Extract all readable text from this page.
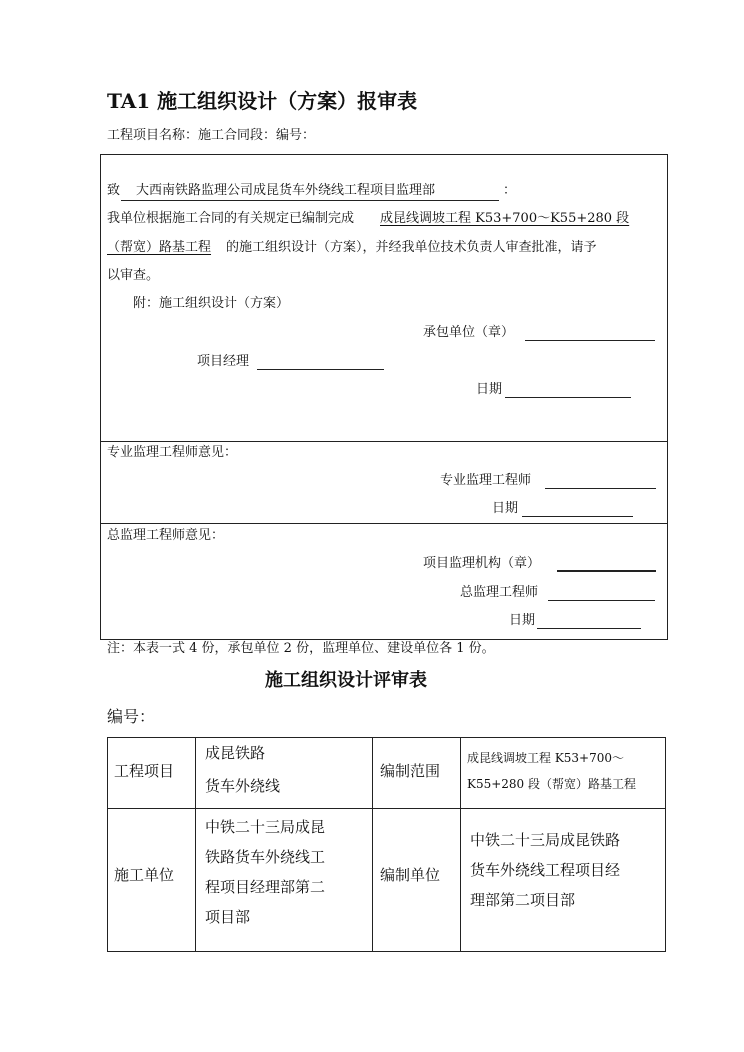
TA1 施工组织设计（方案）报审表
工程项目名称：施工合同段：编号：
致 大西南铁路监理公司成昆货车外绕线工程项目监理部	：
我单位根据施工合同的有关规定已编制完成 成昆线调坡工程 K53+700～K55+280 段
（帮宽）路基工程 的施工组织设计（方案），并经我单位技术负责人审查批准，请予
以审查。
附：施工组织设计（方案）
承包单位（章）
项目经理
日期
专业监理工程师意见：
专业监理工程师
日期
总监理工程师意见：
项目监理机构（章）
总监理工程师
日期
注：本表一式 4 份，承包单位 2 份，监理单位、建设单位各 1 份。
施工组织设计评审表
编号：
工程项目
成昆铁路
货车外绕线
编制范围
成昆线调坡工程 K53+700～
K55+280 段（帮宽）路基工程
施工单位
中铁二十三局成昆
铁路货车外绕线工
程项目经理部第二
项目部
编制单位
中铁二十三局成昆铁路
货车外绕线工程项目经
理部第二项目部
